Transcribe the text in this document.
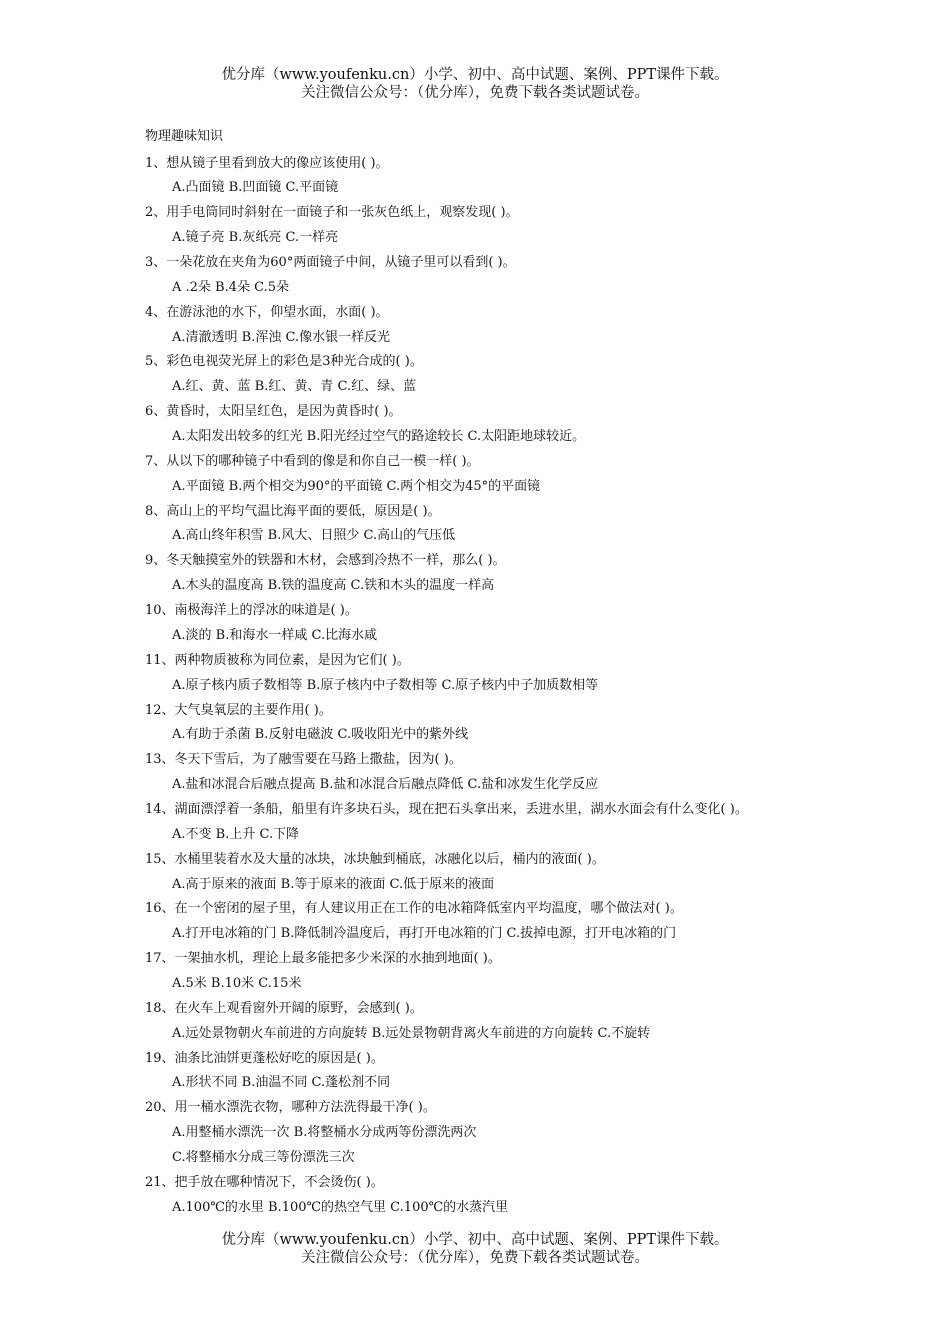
优分库（www.youfenku.cn）小学、初中、高中试题、案例、PPT课件下载。
关注微信公众号：（优分库），免费下载各类试题试卷。
物理趣味知识
1、想从镜子里看到放大的像应该使用( )。
A.凸面镜 B.凹面镜 C.平面镜
2、用手电筒同时斜射在一面镜子和一张灰色纸上，观察发现( )。
A.镜子亮 B.灰纸亮 C.一样亮
3、一朵花放在夹角为60°两面镜子中间，从镜子里可以看到( )。
A .2朵 B.4朵 C.5朵
4、在游泳池的水下，仰望水面，水面( )。
A.清澈透明 B.浑浊 C.像水银一样反光
5、彩色电视荧光屏上的彩色是3种光合成的( )。
A.红、黄、蓝 B.红、黄、青 C.红、绿、蓝
6、黄昏时，太阳呈红色，是因为黄昏时( )。
A.太阳发出较多的红光 B.阳光经过空气的路途较长 C.太阳距地球较近。
7、从以下的哪种镜子中看到的像是和你自己一模一样( )。
A.平面镜 B.两个相交为90°的平面镜 C.两个相交为45°的平面镜
8、高山上的平均气温比海平面的要低，原因是( )。
A.高山终年积雪 B.风大、日照少 C.高山的气压低
9、冬天触摸室外的铁器和木材，会感到冷热不一样，那么( )。
A.木头的温度高 B.铁的温度高 C.铁和木头的温度一样高
10、南极海洋上的浮冰的味道是( )。
A.淡的 B.和海水一样咸 C.比海水咸
11、两种物质被称为同位素，是因为它们( )。
A.原子核内质子数相等 B.原子核内中子数相等 C.原子核内中子加质数相等
12、大气臭氧层的主要作用( )。
A.有助于杀菌 B.反射电磁波 C.吸收阳光中的紫外线
13、冬天下雪后，为了融雪要在马路上撒盐，因为( )。
A.盐和冰混合后融点提高 B.盐和冰混合后融点降低 C.盐和冰发生化学反应
14、湖面漂浮着一条船，船里有许多块石头，现在把石头拿出来，丢进水里，湖水水面会有什么变化( )。
A.不变 B.上升 C.下降
15、水桶里装着水及大量的冰块，冰块触到桶底，冰融化以后，桶内的液面( )。
A.高于原来的液面 B.等于原来的液面 C.低于原来的液面
16、在一个密闭的屋子里，有人建议用正在工作的电冰箱降低室内平均温度，哪个做法对( )。
A.打开电冰箱的门 B.降低制冷温度后，再打开电冰箱的门 C.拔掉电源，打开电冰箱的门
17、一架抽水机，理论上最多能把多少米深的水抽到地面( )。
A.5米 B.10米 C.15米
18、在火车上观看窗外开阔的原野，会感到( )。
A.远处景物朝火车前进的方向旋转 B.远处景物朝背离火车前进的方向旋转 C.不旋转
19、油条比油饼更蓬松好吃的原因是( )。
A.形状不同 B.油温不同 C.蓬松剂不同
20、用一桶水漂洗衣物，哪种方法洗得最干净( )。
A.用整桶水漂洗一次 B.将整桶水分成两等份漂洗两次
C.将整桶水分成三等份漂洗三次
21、把手放在哪种情况下，不会烫伤( )。
A.100℃的水里 B.100℃的热空气里 C.100℃的水蒸汽里
优分库（www.youfenku.cn）小学、初中、高中试题、案例、PPT课件下载。
关注微信公众号：（优分库），免费下载各类试题试卷。
